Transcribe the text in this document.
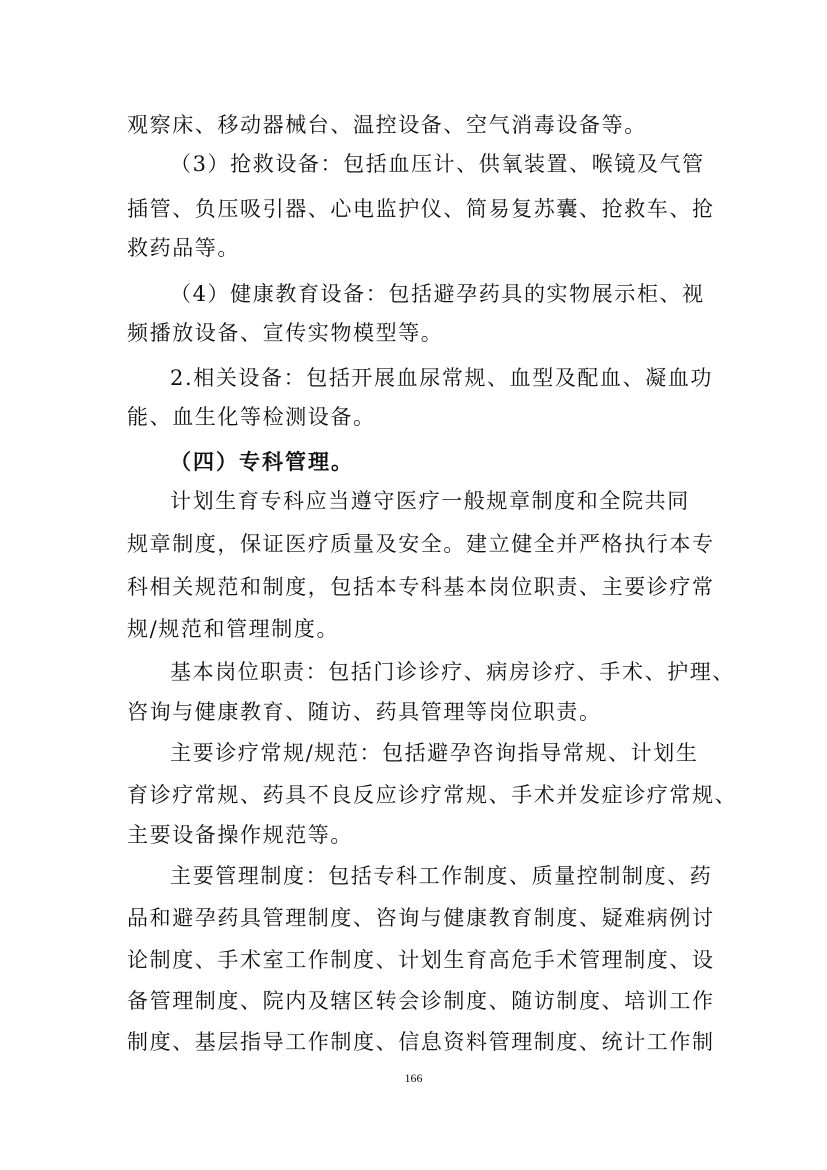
观察床、移动器械台、温控设备、空气消毒设备等。
（3）抢救设备：包括血压计、供氧装置、喉镜及气管
插管、负压吸引器、心电监护仪、简易复苏囊、抢救车、抢
救药品等。
（4）健康教育设备：包括避孕药具的实物展示柜、视
频播放设备、宣传实物模型等。
2.相关设备：包括开展血尿常规、血型及配血、凝血功
能、血生化等检测设备。
（四）专科管理。
计划生育专科应当遵守医疗一般规章制度和全院共同
规章制度，保证医疗质量及安全。建立健全并严格执行本专
科相关规范和制度，包括本专科基本岗位职责、主要诊疗常
规/规范和管理制度。
基本岗位职责：包括门诊诊疗、病房诊疗、手术、护理、
咨询与健康教育、随访、药具管理等岗位职责。
主要诊疗常规/规范：包括避孕咨询指导常规、计划生
育诊疗常规、药具不良反应诊疗常规、手术并发症诊疗常规、
主要设备操作规范等。
主要管理制度：包括专科工作制度、质量控制制度、药
品和避孕药具管理制度、咨询与健康教育制度、疑难病例讨
论制度、手术室工作制度、计划生育高危手术管理制度、设
备管理制度、院内及辖区转会诊制度、随访制度、培训工作
制度、基层指导工作制度、信息资料管理制度、统计工作制
166
